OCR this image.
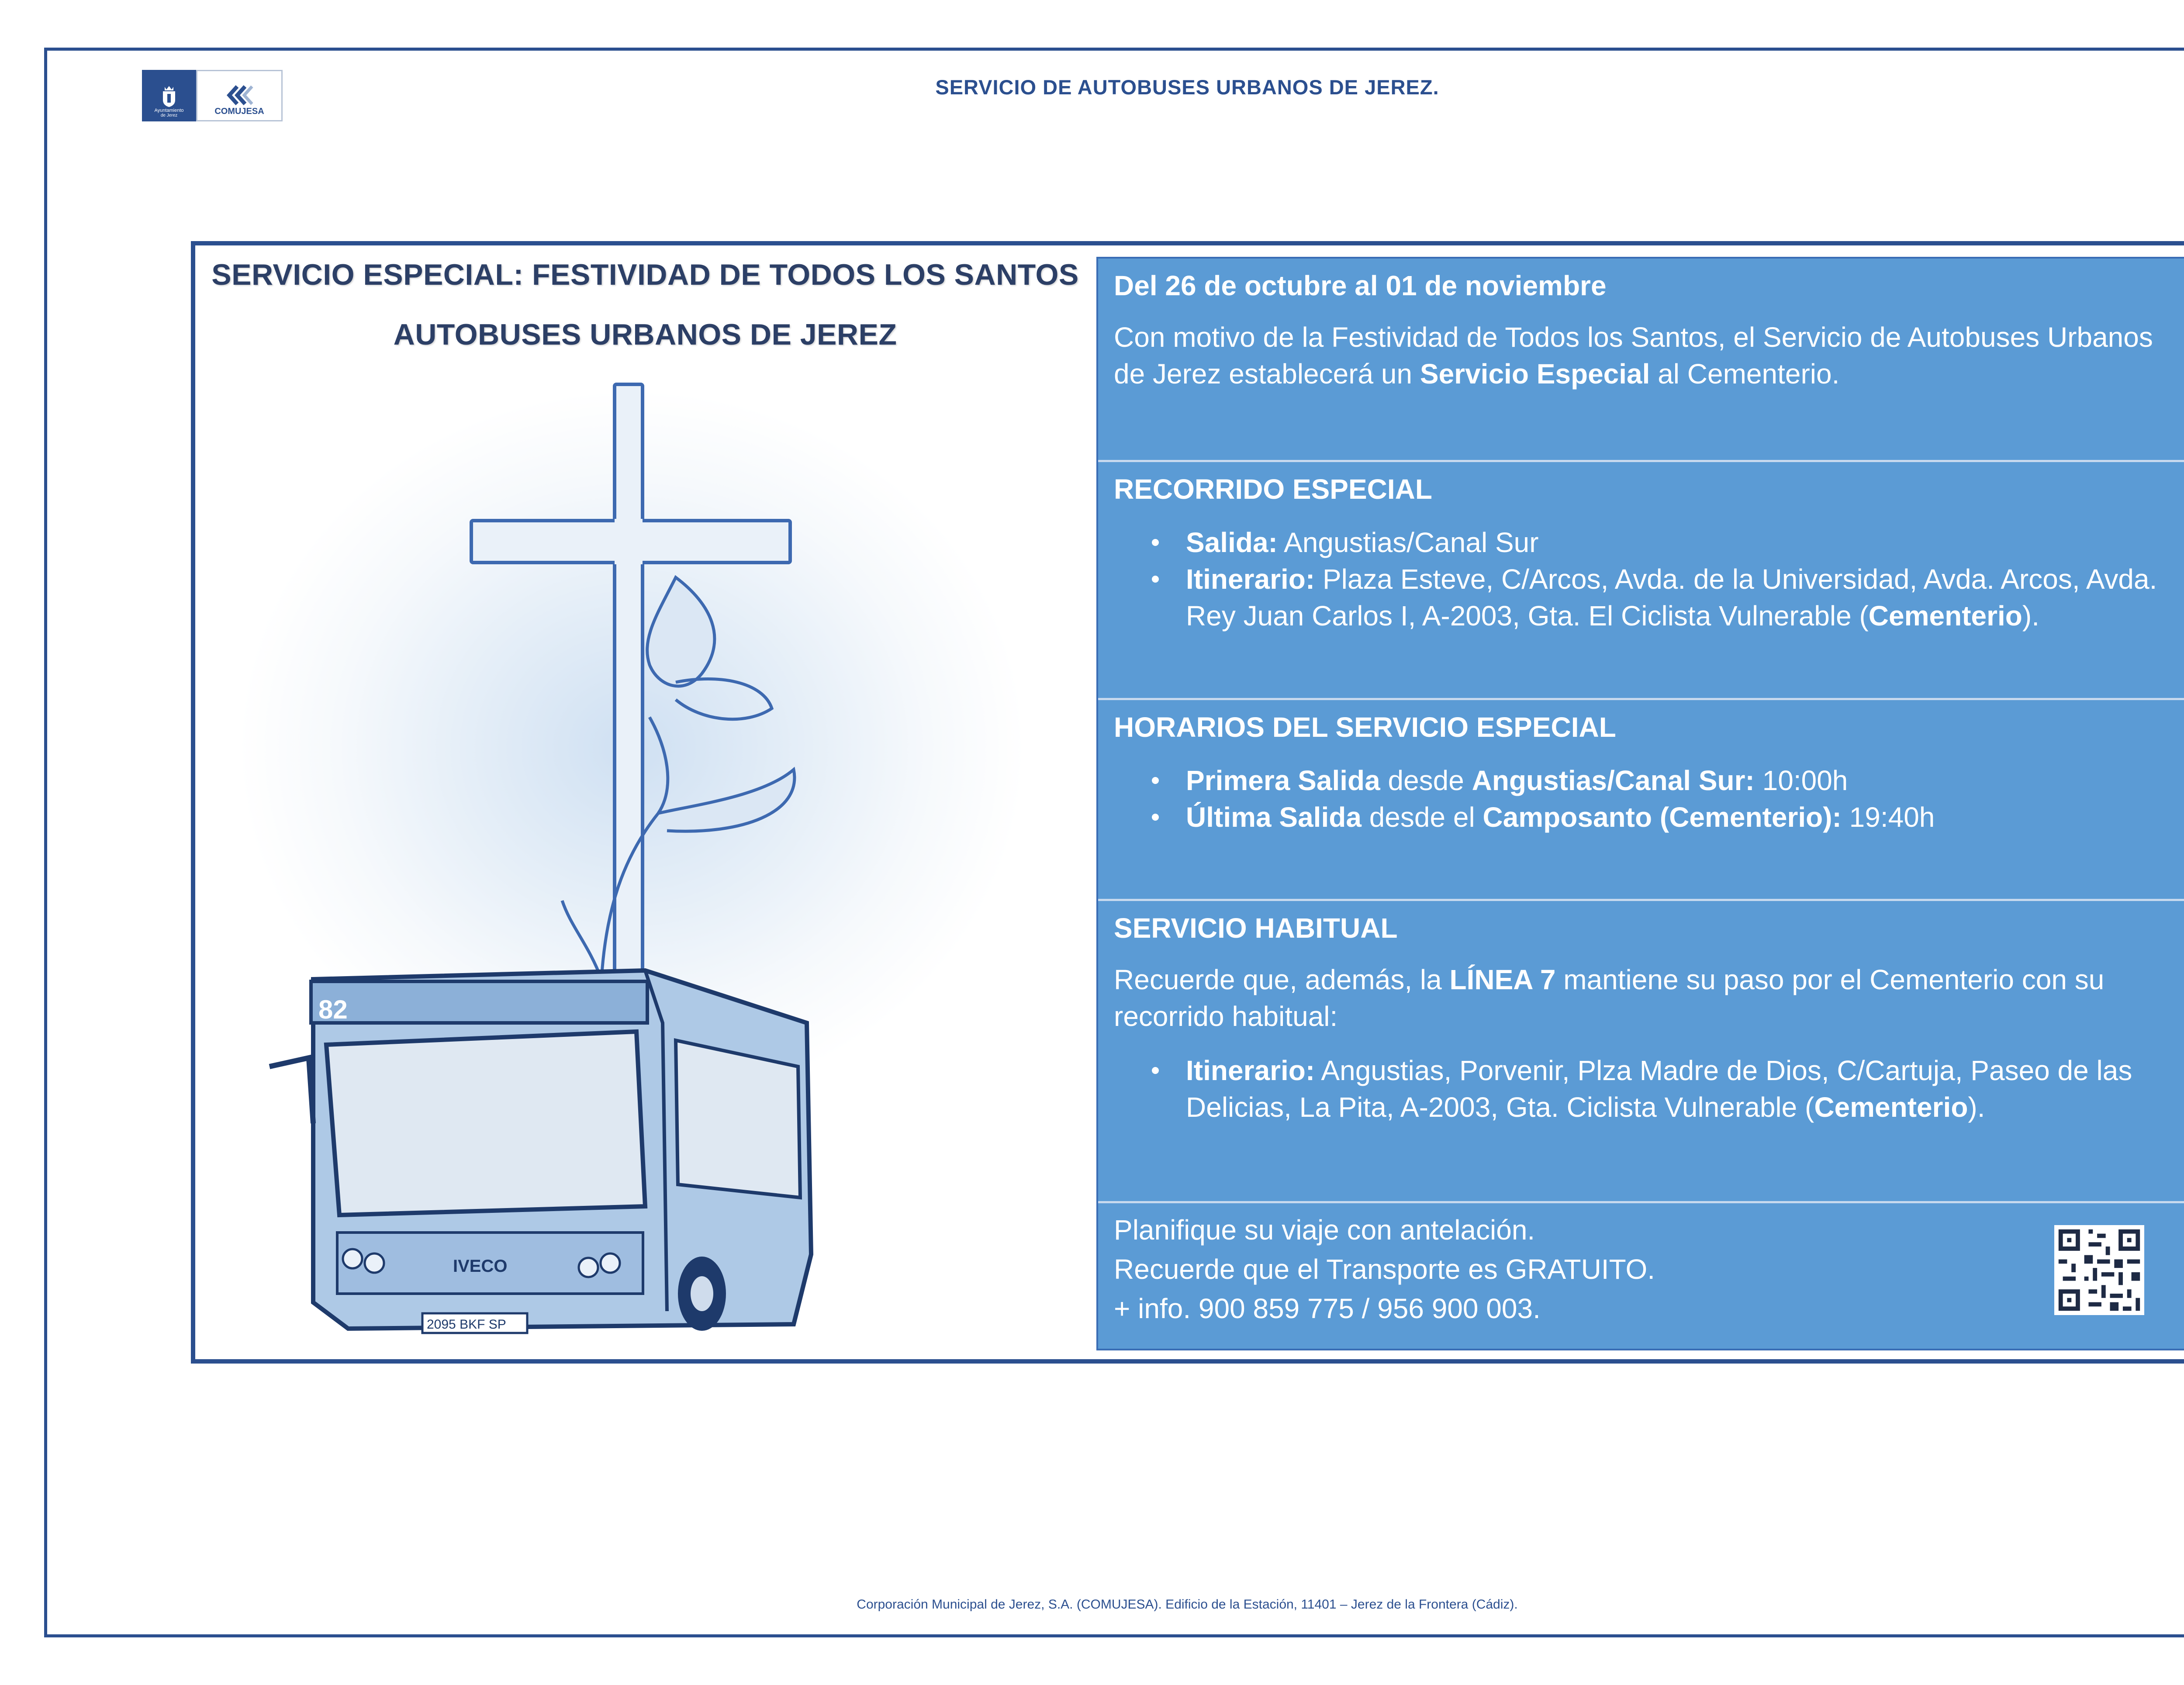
Ayuntamiento
de Jerez	COMUJESA
SERVICIO DE AUTOBUSES URBANOS DE JEREZ.
82
IVECO
2095 BKF SP
SERVICIO ESPECIAL: FESTIVIDAD DE TODOS LOS SANTOS
AUTOBUSES URBANOS DE JEREZ
Del 26 de octubre al 01 de noviembre
Con motivo de la Festividad de Todos los Santos, el Servicio de Autobuses Urbanos de Jerez establecerá un Servicio Especial al Cementerio.
RECORRIDO ESPECIAL
Salida: Angustias/Canal Sur
Itinerario: Plaza Esteve, C/Arcos, Avda. de la Universidad, Avda. Arcos, Avda. Rey Juan Carlos I, A-2003, Gta. El Ciclista Vulnerable (Cementerio).
HORARIOS DEL SERVICIO ESPECIAL
Primera Salida desde Angustias/Canal Sur: 10:00h
Última Salida desde el Camposanto (Cementerio): 19:40h
SERVICIO HABITUAL
Recuerde que, además, la LÍNEA 7 mantiene su paso por el Cementerio con su recorrido habitual:
Itinerario: Angustias, Porvenir, Plza Madre de Dios, C/Cartuja, Paseo de las Delicias, La Pita, A-2003, Gta. Ciclista Vulnerable (Cementerio).
Planifique su viaje con antelación.
Recuerde que el Transporte es GRATUITO.
+ info. 900 859 775 / 956 900 003.
Corporación Municipal de Jerez, S.A. (COMUJESA). Edificio de la Estación, 11401 – Jerez de la Frontera (Cádiz).
